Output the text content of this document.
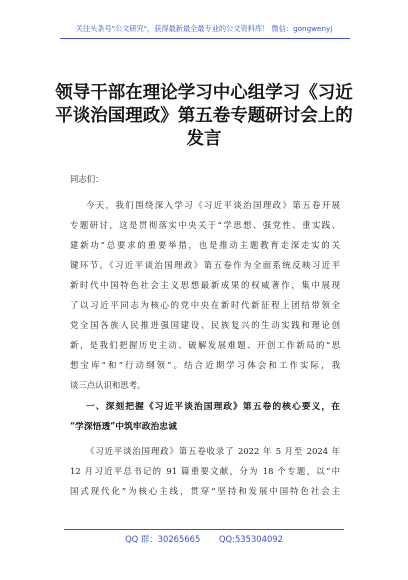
关注头条号"公文研究"，获得最新最全最专业的公文资料库！ 微信：gongwenyj
领导干部在理论学习中心组学习《习近
平谈治国理政》第五卷专题研讨会上的
发言
同志们：
今天，我们围绕深入学习《习近平谈治国理政》第五卷开展
专题研讨，这是贯彻落实中央关于“学思想、强党性、重实践、
建新功”总要求的重要举措，也是推动主题教育走深走实的关
键环节。《习近平谈治国理政》第五卷作为全面系统反映习近平
新时代中国特色社会主义思想最新成果的权威著作，集中展现
了以习近平同志为核心的党中央在新时代新征程上团结带领全
党全国各族人民推进强国建设、民族复兴的生动实践和理论创
新，是我们把握历史主动、破解发展难题、开创工作新局的“思
想宝库”和“行动纲领”。结合近期学习体会和工作实际，我
谈三点认识和思考。
一、深刻把握《习近平谈治国理政》第五卷的核心要义，在
“学深悟透”中筑牢政治忠诚
《习近平谈治国理政》第五卷收录了 2022 年 5 月至 2024 年
12 月习近平总书记的 91 篇重要文献，分为 18 个专题，以“中
国式现代化”为核心主线，贯穿“坚持和发展中国特色社会主
QQ 群：30265665 QQ:535304092
